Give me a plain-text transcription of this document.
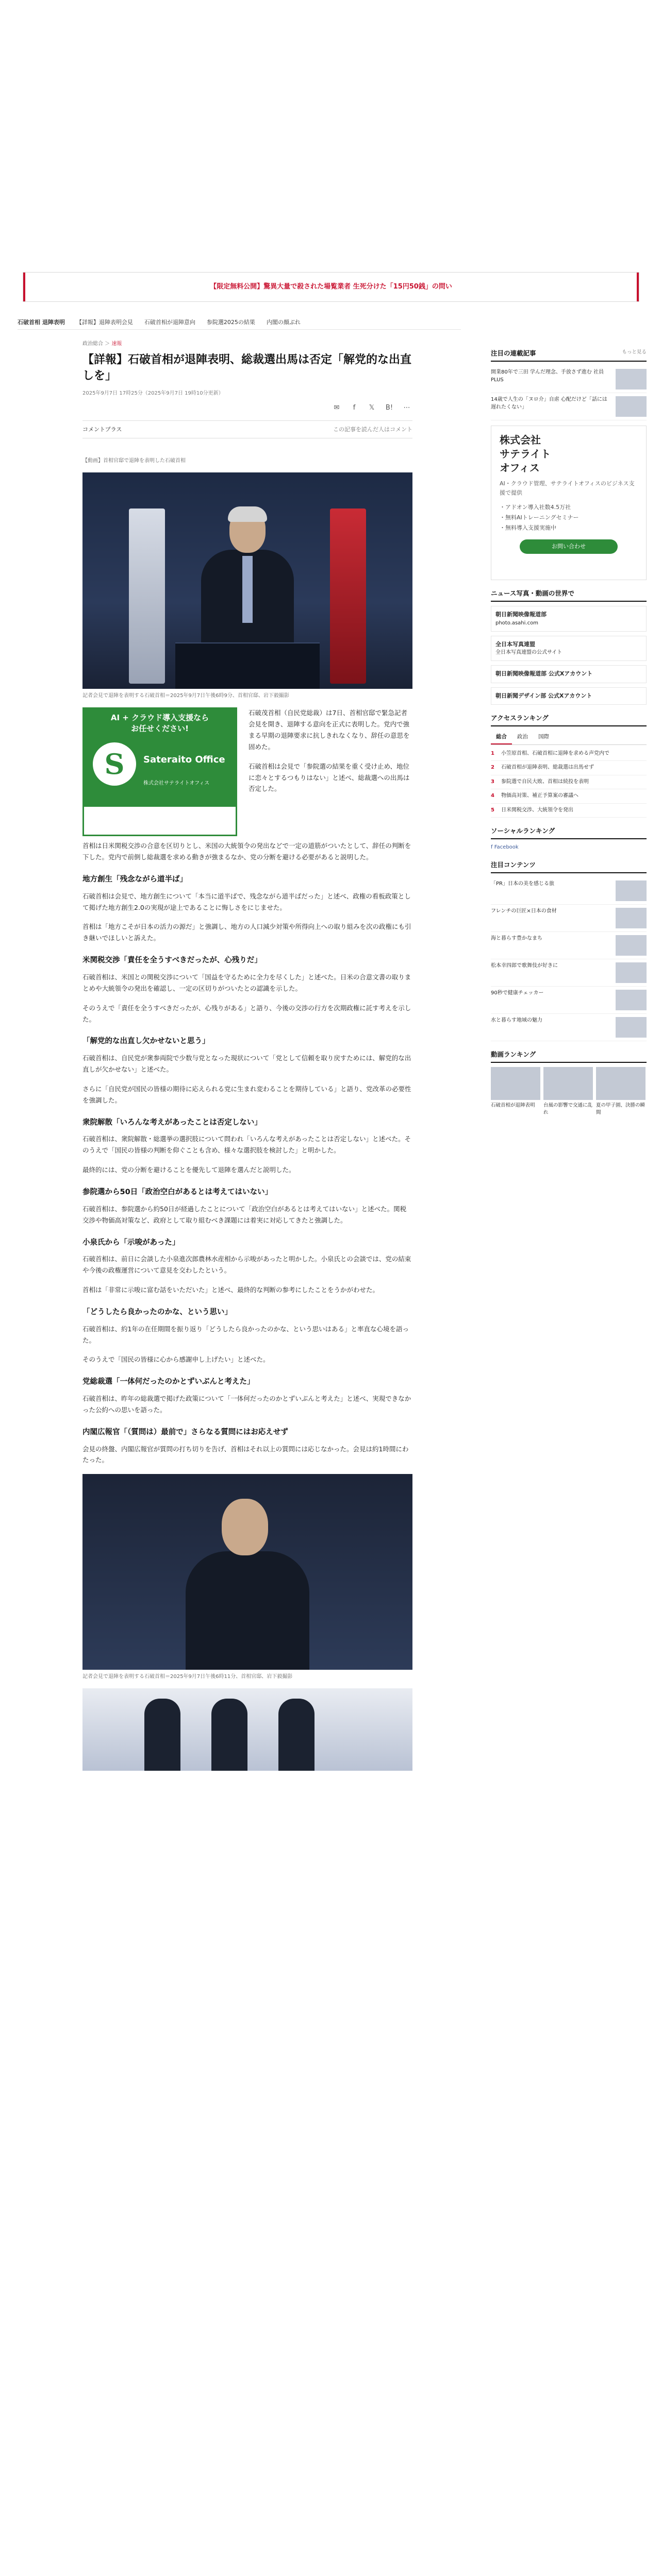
【限定無料公開】驚異大量で殺された場覧業者 生死分けた「15円50銭」の問い
石破首相 退陣表明 【詳報】退陣表明会見 石破首相が退陣意向 参院選2025の結果 内閣の顔ぶれ
政治総合 ＞ 速報
【詳報】石破首相が退陣表明、総裁選出馬は否定「解党的な出直しを」
2025年9月7日 17時25分（2025年9月7日 19時10分更新）
✉	f	𝕏	B!	⋯
コメントプラス	この記事を読んだ人はコメント
【動画】首相官邸で退陣を表明した石破首相
記者会見で退陣を表明する石破首相＝2025年9月7日午後6時9分、首相官邸、岩下毅撮影
AI + クラウド導入支援なら
お任せください!
S	Sateraito Office
株式会社サテライトオフィス

石破茂首相（自民党総裁）は7日、首相官邸で緊急記者会見を開き、退陣する意向を正式に表明した。党内で強まる早期の退陣要求に抗しきれなくなり、辞任の意思を固めた。

石破首相は会見で「参院選の結果を重く受け止め、地位に恋々とするつもりはない」と述べ、総裁選への出馬は否定した。

首相は日米関税交渉の合意を区切りとし、米国の大統領令の発出などで一定の道筋がついたとして、辞任の判断を下した。党内で前倒し総裁選を求める動きが強まるなか、党の分断を避ける必要があると説明した。

地方創生「残念ながら道半ば」

石破首相は会見で、地方創生について「本当に道半ばで、残念ながら道半ばだった」と述べ、政権の看板政策として掲げた地方創生2.0の実現が途上であることに悔しさをにじませた。

首相は「地方こそが日本の活力の源だ」と強調し、地方の人口減少対策や所得向上への取り組みを次の政権にも引き継いでほしいと訴えた。

米関税交渉「責任を全うすべきだったが、心残りだ」

石破首相は、米国との関税交渉について「国益を守るために全力を尽くした」と述べた。日米の合意文書の取りまとめや大統領令の発出を確認し、一定の区切りがついたとの認識を示した。

そのうえで「責任を全うすべきだったが、心残りがある」と語り、今後の交渉の行方を次期政権に託す考えを示した。

「解党的な出直し欠かせないと思う」

石破首相は、自民党が衆参両院で少数与党となった現状について「党として信頼を取り戻すためには、解党的な出直しが欠かせない」と述べた。

さらに「自民党が国民の皆様の期待に応えられる党に生まれ変わることを期待している」と語り、党改革の必要性を強調した。

衆院解散「いろんな考えがあったことは否定しない」

石破首相は、衆院解散・総選挙の選択肢について問われ「いろんな考えがあったことは否定しない」と述べた。そのうえで「国民の皆様の判断を仰ぐことも含め、様々な選択肢を検討した」と明かした。

最終的には、党の分断を避けることを優先して退陣を選んだと説明した。

参院選から50日「政治空白があるとは考えてはいない」

石破首相は、参院選から約50日が経過したことについて「政治空白があるとは考えてはいない」と述べた。関税交渉や物価高対策など、政府として取り組むべき課題には着実に対応してきたと強調した。

小泉氏から「示唆があった」

石破首相は、前日に会談した小泉進次郎農林水産相から示唆があったと明かした。小泉氏との会談では、党の結束や今後の政権運営について意見を交わしたという。

首相は「非常に示唆に富む話をいただいた」と述べ、最終的な判断の参考にしたことをうかがわせた。

「どうしたら良かったのかな、という思い」

石破首相は、約1年の在任期間を振り返り「どうしたら良かったのかな、という思いはある」と率直な心境を語った。

そのうえで「国民の皆様に心から感謝申し上げたい」と述べた。

党総裁選「一体何だったのかとずいぶんと考えた」

石破首相は、昨年の総裁選で掲げた政策について「一体何だったのかとずいぶんと考えた」と述べ、実現できなかった公約への思いを語った。

内閣広報官「（質問は）最前で」さらなる質問にはお応えせず

会見の終盤、内閣広報官が質問の打ち切りを告げ、首相はそれ以上の質問には応じなかった。会見は約1時間にわたった。

記者会見で退陣を表明する石破首相＝2025年9月7日午後6時11分、首相官邸、岩下毅撮影
注目の連載記事	もっと見る
開業80年で三田 学んだ理念、手放さず進む 社員PLUS
14歳で人生の「ヌロ介」自虐 心配だけど「話には遅れたくない」
株式会社
サテライト
オフィス
AI・クラウド管理、サテライトオフィスのビジネス支援で提供
・アドオン導入社数4.5万社
・無料AIトレーニングセミナー
・無料導入支援実施中
お問い合わせ
ニュース写真・動画の世界で
朝日新聞映像報道部
photo.asahi.com
全日本写真連盟
全日本写真連盟の公式サイト
朝日新聞映像報道部 公式Xアカウント
朝日新聞デザイン部 公式Xアカウント
アクセスランキング
総合	政治	国際
1	小笠原首相、石破首相に退陣を求める声党内で
2	石破首相が退陣表明、総裁選は出馬せず
3	参院選で自民大敗、首相は続投を表明
4	物価高対策、補正予算案の審議へ
5	日米関税交渉、大統領令を発出
ソーシャルランキング
f Facebook
注目コンテンツ
「PR」日本の美を感じる旅
フレンチの巨匠×日本の食材
海と暮らす豊かなまち
松本幸四郎で歌舞伎が好きに
90秒で健康チェッカー
水と暮らす地域の魅力
動画ランキング
石破首相が退陣表明	台風の影響で交通に乱れ
夏の甲子園、決勝の瞬間
